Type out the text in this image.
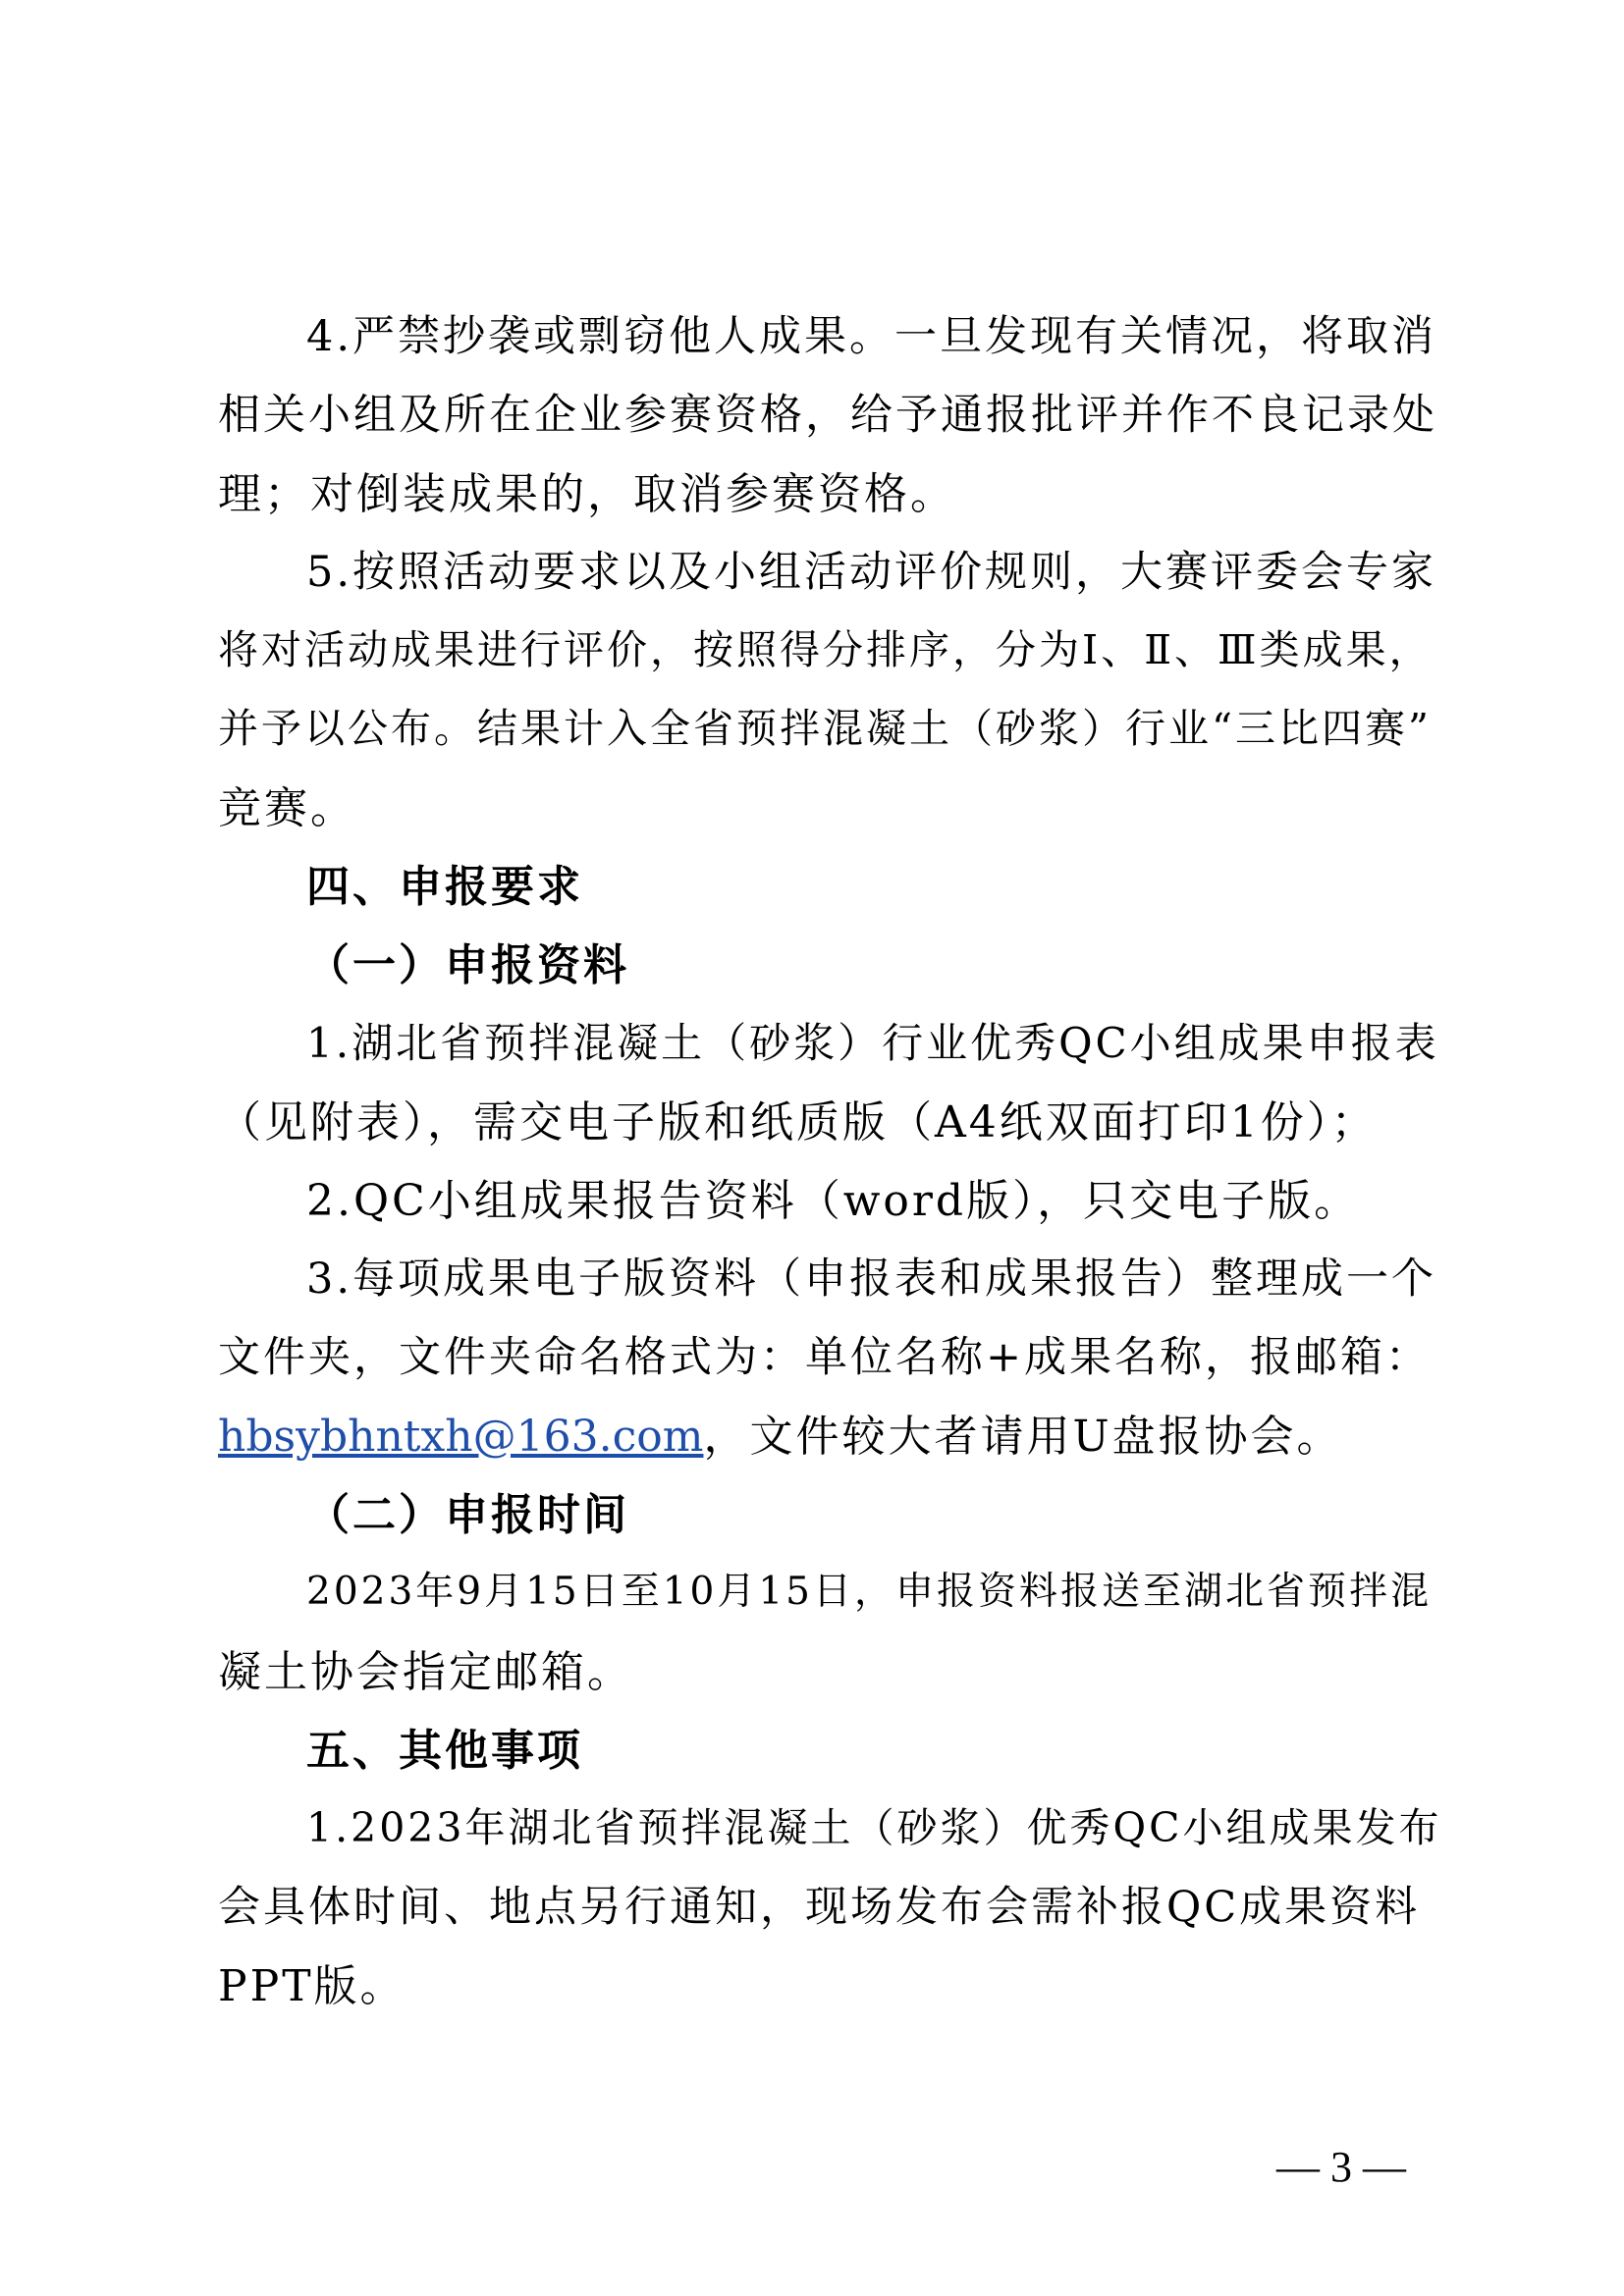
4.严禁抄袭或剽窃他人成果。一旦发现有关情况，将取消
相关小组及所在企业参赛资格，给予通报批评并作不良记录处
理；对倒装成果的，取消参赛资格。
5.按照活动要求以及小组活动评价规则，大赛评委会专家
将对活动成果进行评价，按照得分排序，分为Ⅰ、Ⅱ、Ⅲ类成果，
并予以公布。结果计入全省预拌混凝土（砂浆）行业“三比四赛”
竞赛。
四、申报要求
（一）申报资料
1.湖北省预拌混凝土（砂浆）行业优秀QC小组成果申报表
（见附表），需交电子版和纸质版（A4纸双面打印1份）；
2.QC小组成果报告资料（word版），只交电子版。
3.每项成果电子版资料（申报表和成果报告）整理成一个
文件夹，文件夹命名格式为：单位名称+成果名称，报邮箱：
hbsybhntxh@163.com，文件较大者请用U盘报协会。
（二）申报时间
2023年9月15日至10月15日，申报资料报送至湖北省预拌混
凝土协会指定邮箱。
五、其他事项
1.2023年湖北省预拌混凝土（砂浆）优秀QC小组成果发布
会具体时间、地点另行通知，现场发布会需补报QC成果资料
PPT版。
— 3 —
